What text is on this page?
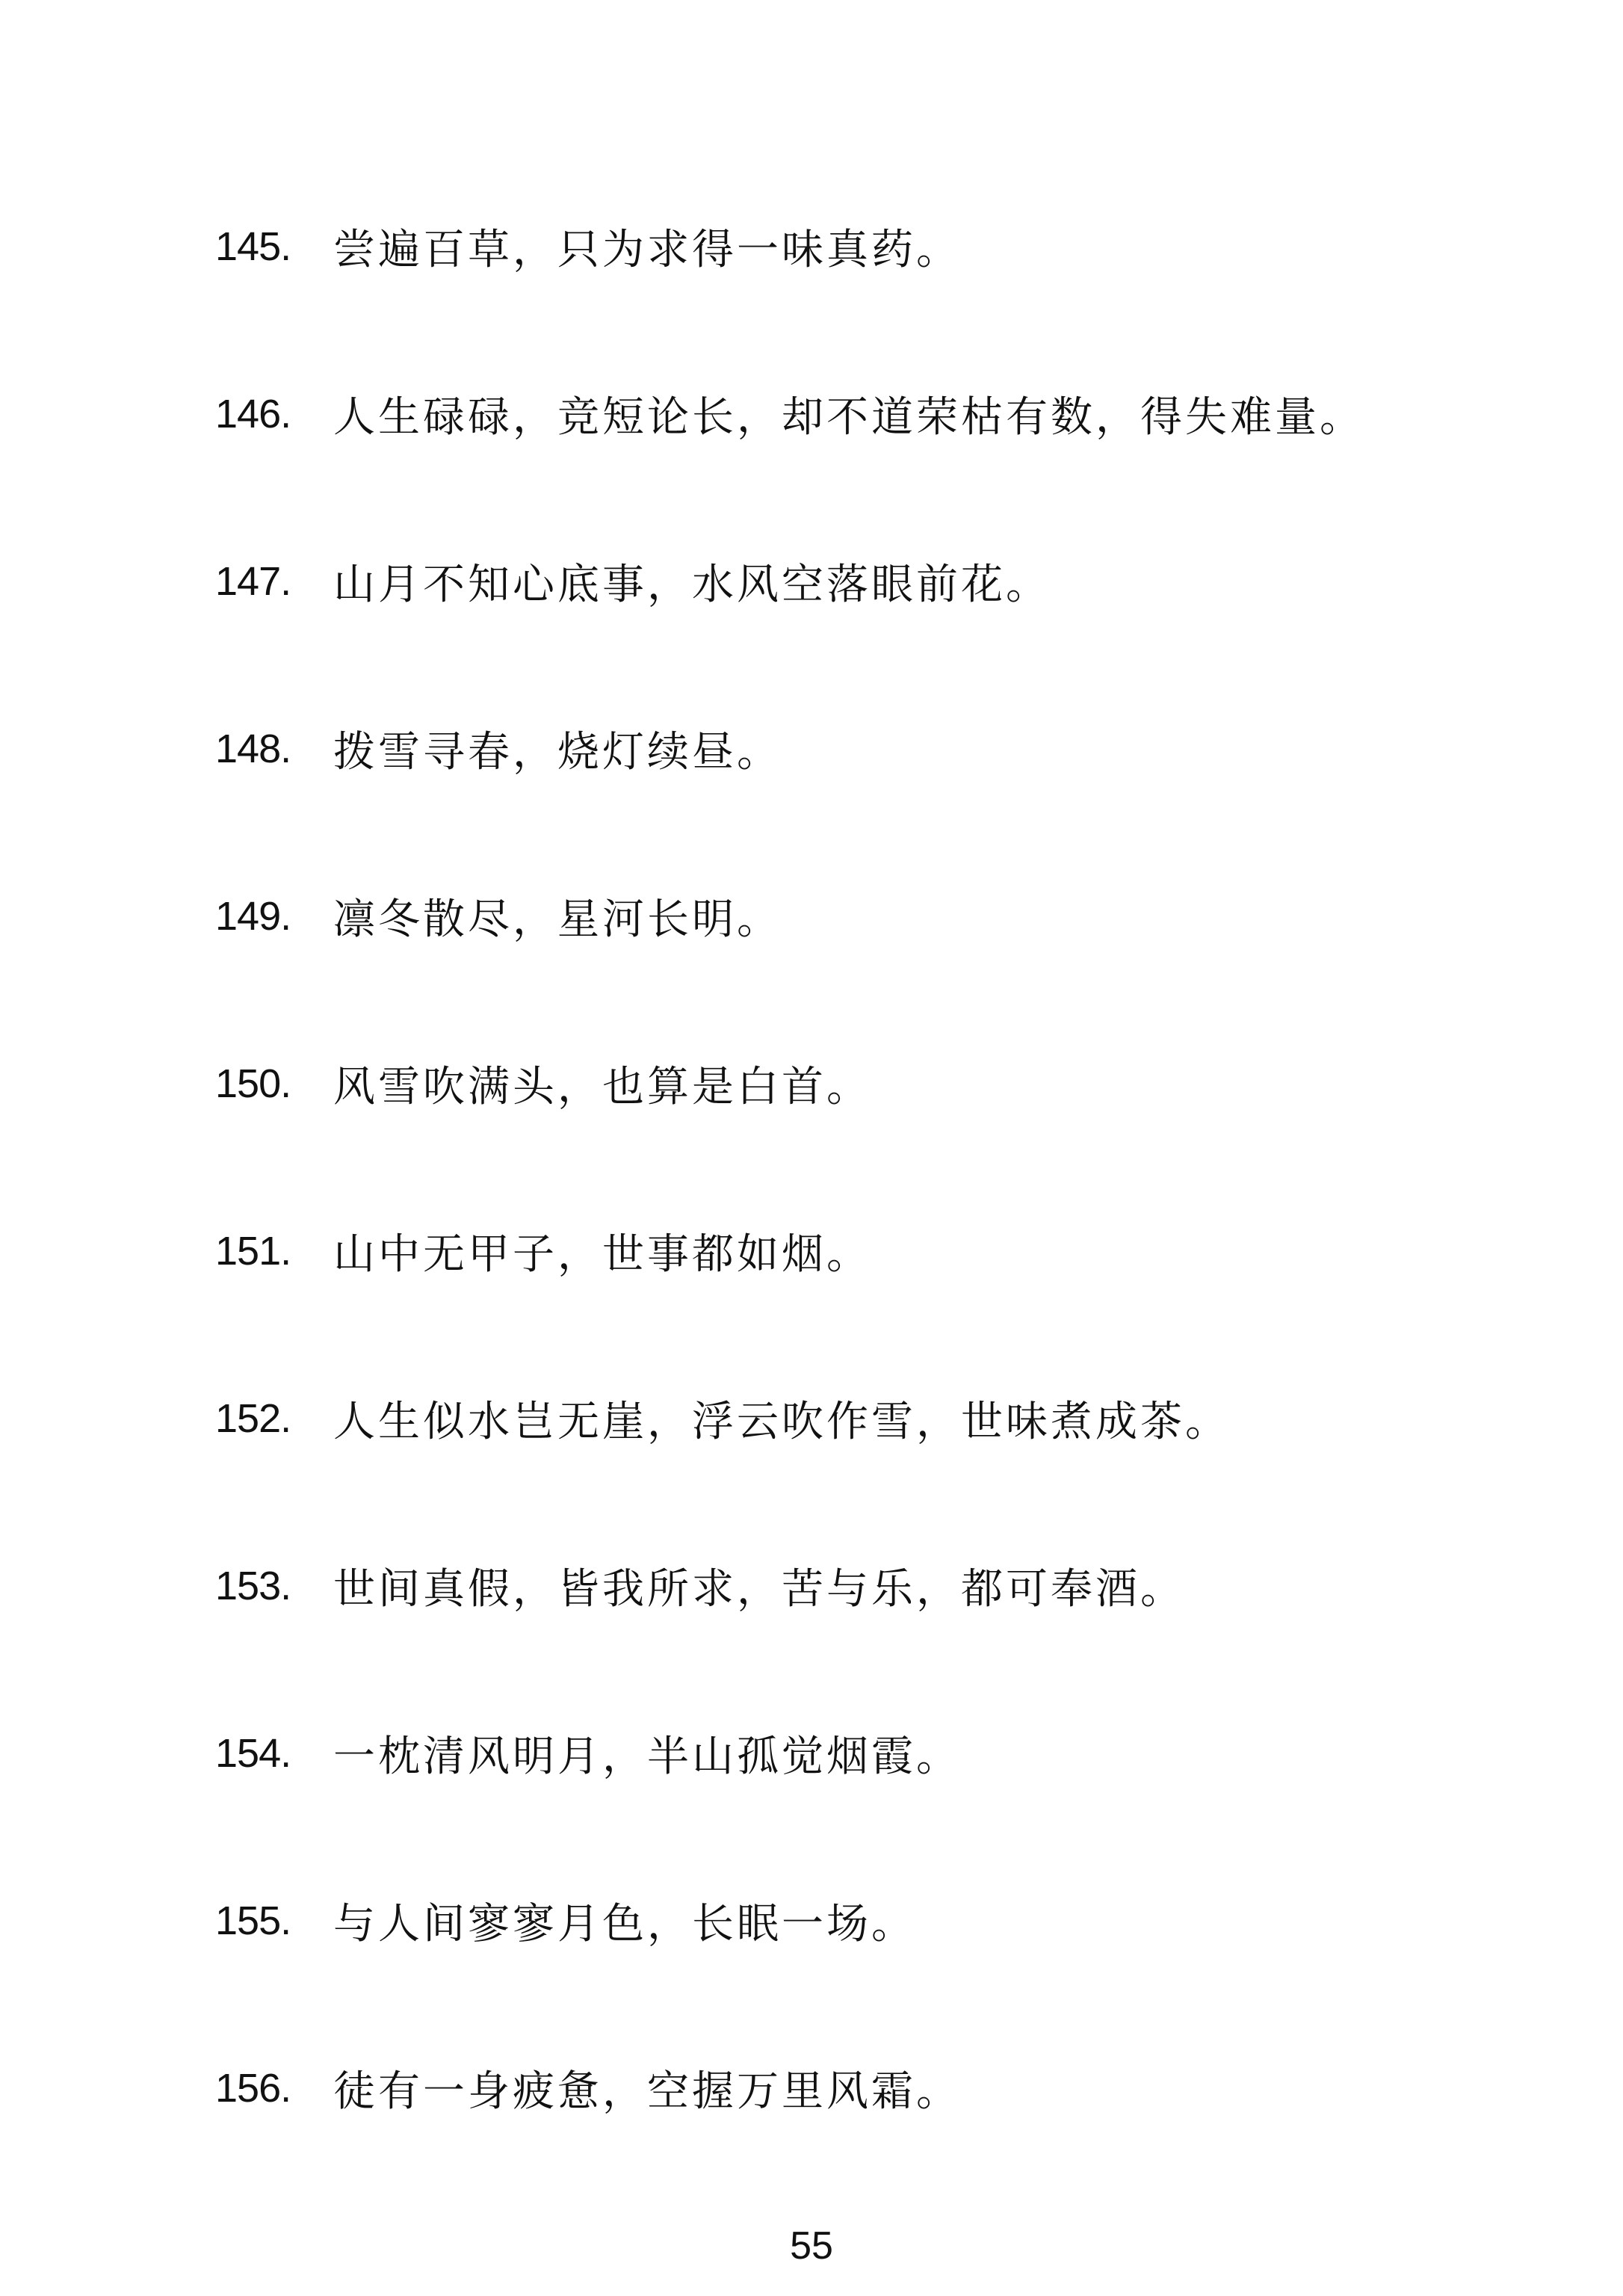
145.	尝遍百草，只为求得一味真药。
146.	人生碌碌，竞短论长，却不道荣枯有数，得失难量。
147.	山月不知心底事，水风空落眼前花。
148.	拨雪寻春，烧灯续昼。
149.	凛冬散尽，星河长明。
150.	风雪吹满头，也算是白首。
151.	山中无甲子，世事都如烟。
152.	人生似水岂无崖，浮云吹作雪，世味煮成茶。
153.	世间真假，皆我所求，苦与乐，都可奉酒。
154.	一枕清风明月，半山孤觉烟霞。
155.	与人间寥寥月色，长眠一场。
156.	徒有一身疲惫，空握万里风霜。
55
